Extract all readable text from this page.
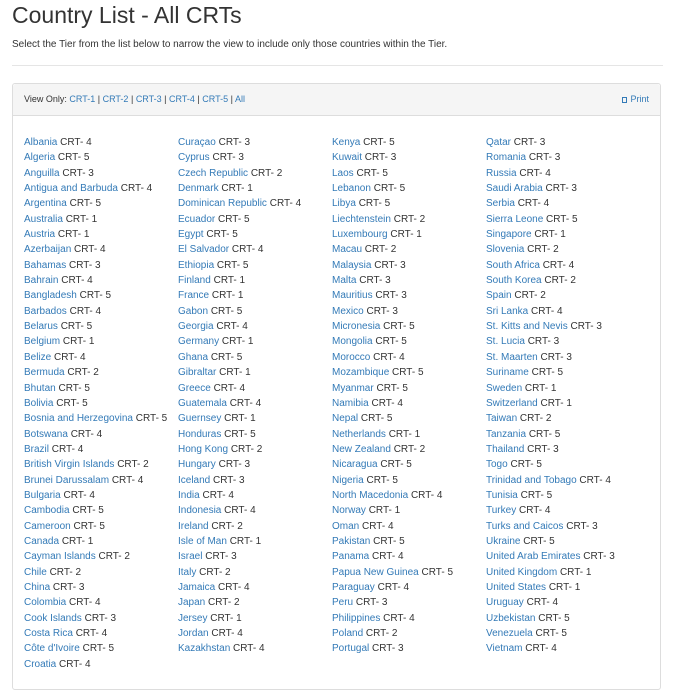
Country List - All CRTs
Select the Tier from the list below to narrow the view to include only those countries within the Tier.
View Only: CRT-1 | CRT-2 | CRT-3 | CRT-4 | CRT-5 | All	Print
Albania CRT- 4
Algeria CRT- 5
Anguilla CRT- 3
Antigua and Barbuda CRT- 4
Argentina CRT- 5
Australia CRT- 1
Austria CRT- 1
Azerbaijan CRT- 4
Bahamas CRT- 3
Bahrain CRT- 4
Bangladesh CRT- 5
Barbados CRT- 4
Belarus CRT- 5
Belgium CRT- 1
Belize CRT- 4
Bermuda CRT- 2
Bhutan CRT- 5
Bolivia CRT- 5
Bosnia and Herzegovina CRT- 5
Botswana CRT- 4
Brazil CRT- 4
British Virgin Islands CRT- 2
Brunei Darussalam CRT- 4
Bulgaria CRT- 4
Cambodia CRT- 5
Cameroon CRT- 5
Canada CRT- 1
Cayman Islands CRT- 2
Chile CRT- 2
China CRT- 3
Colombia CRT- 4
Cook Islands CRT- 3
Costa Rica CRT- 4
Côte d'Ivoire CRT- 5
Croatia CRT- 4
Curaçao CRT- 3
Cyprus CRT- 3
Czech Republic CRT- 2
Denmark CRT- 1
Dominican Republic CRT- 4
Ecuador CRT- 5
Egypt CRT- 5
El Salvador CRT- 4
Ethiopia CRT- 5
Finland CRT- 1
France CRT- 1
Gabon CRT- 5
Georgia CRT- 4
Germany CRT- 1
Ghana CRT- 5
Gibraltar CRT- 1
Greece CRT- 4
Guatemala CRT- 4
Guernsey CRT- 1
Honduras CRT- 5
Hong Kong CRT- 2
Hungary CRT- 3
Iceland CRT- 3
India CRT- 4
Indonesia CRT- 4
Ireland CRT- 2
Isle of Man CRT- 1
Israel CRT- 3
Italy CRT- 2
Jamaica CRT- 4
Japan CRT- 2
Jersey CRT- 1
Jordan CRT- 4
Kazakhstan CRT- 4
Kenya CRT- 5
Kuwait CRT- 3
Laos CRT- 5
Lebanon CRT- 5
Libya CRT- 5
Liechtenstein CRT- 2
Luxembourg CRT- 1
Macau CRT- 2
Malaysia CRT- 3
Malta CRT- 3
Mauritius CRT- 3
Mexico CRT- 3
Micronesia CRT- 5
Mongolia CRT- 5
Morocco CRT- 4
Mozambique CRT- 5
Myanmar CRT- 5
Namibia CRT- 4
Nepal CRT- 5
Netherlands CRT- 1
New Zealand CRT- 2
Nicaragua CRT- 5
Nigeria CRT- 5
North Macedonia CRT- 4
Norway CRT- 1
Oman CRT- 4
Pakistan CRT- 5
Panama CRT- 4
Papua New Guinea CRT- 5
Paraguay CRT- 4
Peru CRT- 3
Philippines CRT- 4
Poland CRT- 2
Portugal CRT- 3
Qatar CRT- 3
Romania CRT- 3
Russia CRT- 4
Saudi Arabia CRT- 3
Serbia CRT- 4
Sierra Leone CRT- 5
Singapore CRT- 1
Slovenia CRT- 2
South Africa CRT- 4
South Korea CRT- 2
Spain CRT- 2
Sri Lanka CRT- 4
St. Kitts and Nevis CRT- 3
St. Lucia CRT- 3
St. Maarten CRT- 3
Suriname CRT- 5
Sweden CRT- 1
Switzerland CRT- 1
Taiwan CRT- 2
Tanzania CRT- 5
Thailand CRT- 3
Togo CRT- 5
Trinidad and Tobago CRT- 4
Tunisia CRT- 5
Turkey CRT- 4
Turks and Caicos CRT- 3
Ukraine CRT- 5
United Arab Emirates CRT- 3
United Kingdom CRT- 1
United States CRT- 1
Uruguay CRT- 4
Uzbekistan CRT- 5
Venezuela CRT- 5
Vietnam CRT- 4
